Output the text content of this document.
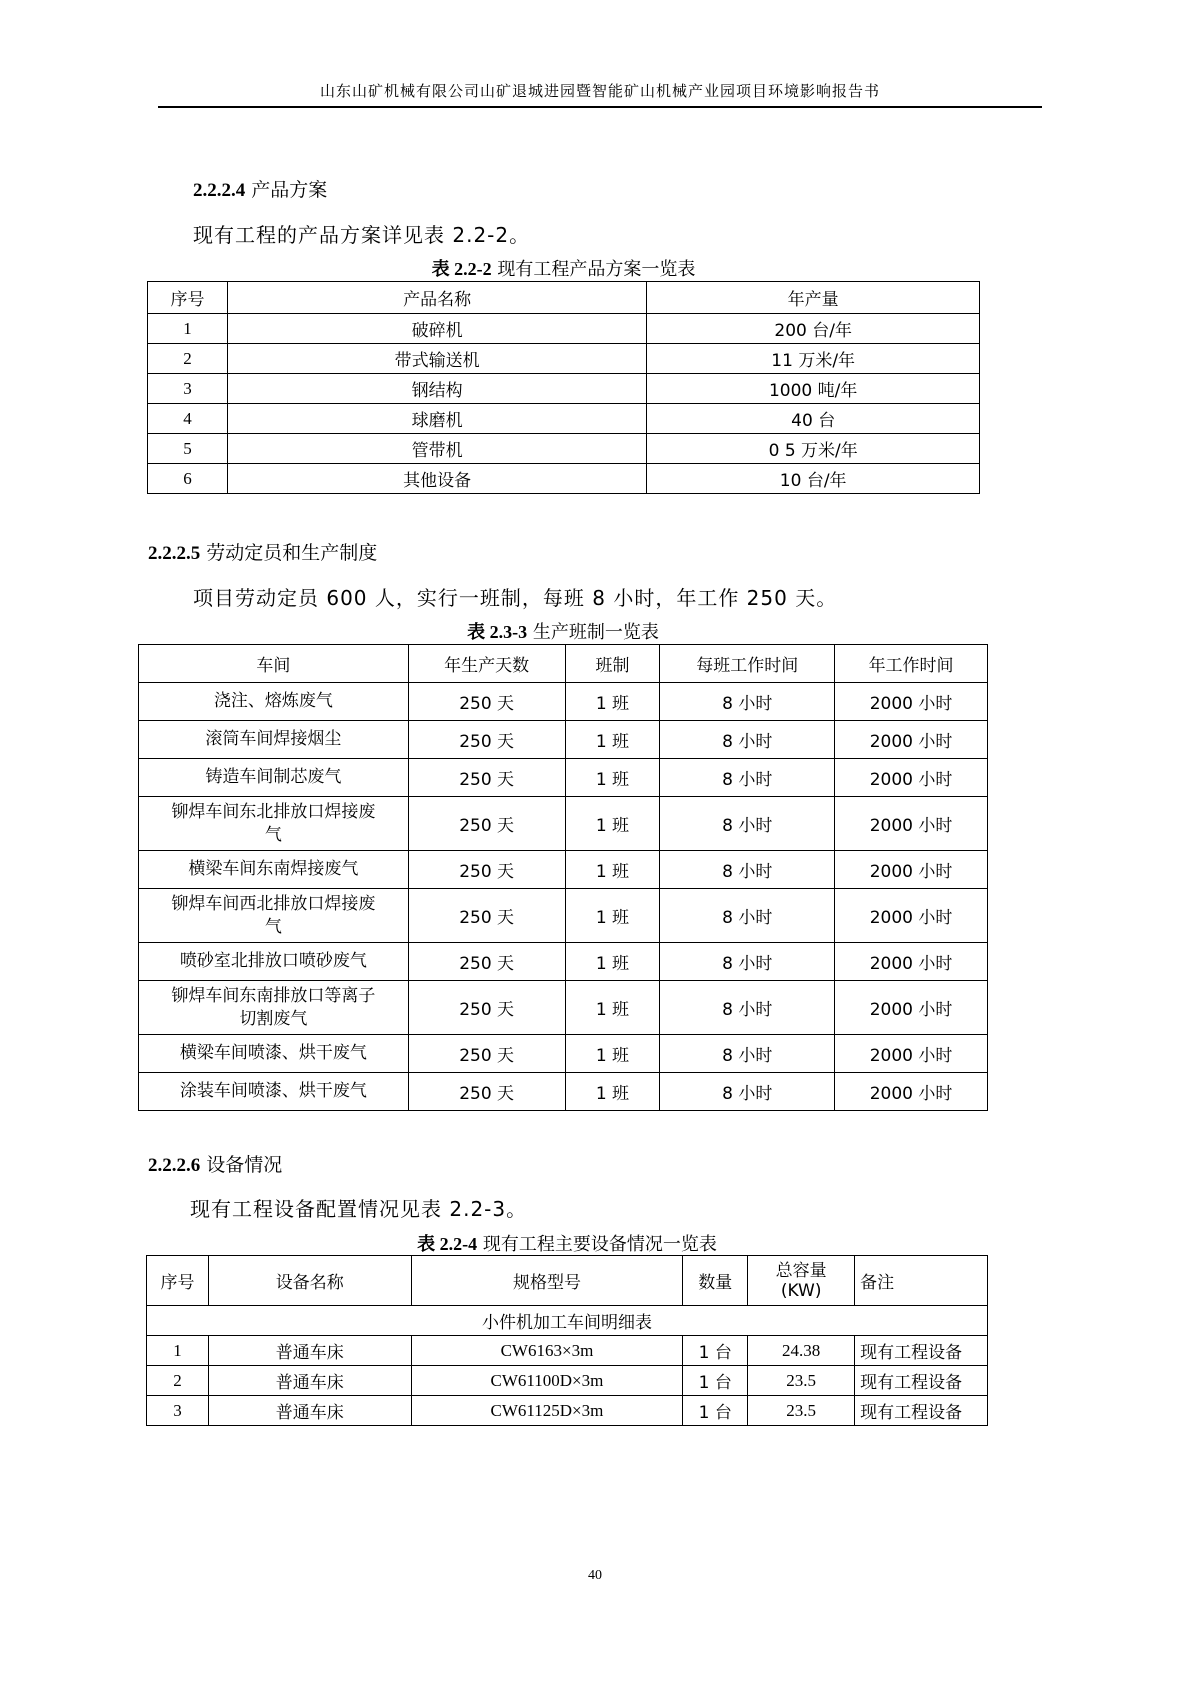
山东山矿机械有限公司山矿退城进园暨智能矿山机械产业园项目环境影响报告书
2.2.2.4 产品方案
现有工程的产品方案详见表 2.2-2。
表 2.2-2 现有工程产品方案一览表
序号	产品名称	年产量
1	破碎机	200 台/年
2	带式输送机	11 万米/年
3	钢结构	1000 吨/年
4	球磨机	40 台
5	管带机	0 5 万米/年
6	其他设备	10 台/年
2.2.2.5 劳动定员和生产制度
项目劳动定员 600 人，实行一班制，每班 8 小时，年工作 250 天。
表 2.3-3 生产班制一览表
车间	年生产天数	班制	每班工作时间	年工作时间
浇注、熔炼废气	250 天	1 班	8 小时	2000 小时
滚筒车间焊接烟尘	250 天	1 班	8 小时	2000 小时
铸造车间制芯废气	250 天	1 班	8 小时	2000 小时
铆焊车间东北排放口焊接废气	250 天	1 班	8 小时	2000 小时
横梁车间东南焊接废气	250 天	1 班	8 小时	2000 小时
铆焊车间西北排放口焊接废气	250 天	1 班	8 小时	2000 小时
喷砂室北排放口喷砂废气	250 天	1 班	8 小时	2000 小时
铆焊车间东南排放口等离子切割废气	250 天	1 班	8 小时	2000 小时
横梁车间喷漆、烘干废气	250 天	1 班	8 小时	2000 小时
涂装车间喷漆、烘干废气	250 天	1 班	8 小时	2000 小时
2.2.2.6 设备情况
现有工程设备配置情况见表 2.2-3。
表 2.2-4 现有工程主要设备情况一览表
序号	设备名称	规格型号	数量	总容量(KW)	备注
小件机加工车间明细表					
1	普通车床	CW6163×3m	1 台	24.38	现有工程设备
2	普通车床	CW61100D×3m	1 台	23.5	现有工程设备
3	普通车床	CW61125D×3m	1 台	23.5	现有工程设备
40
